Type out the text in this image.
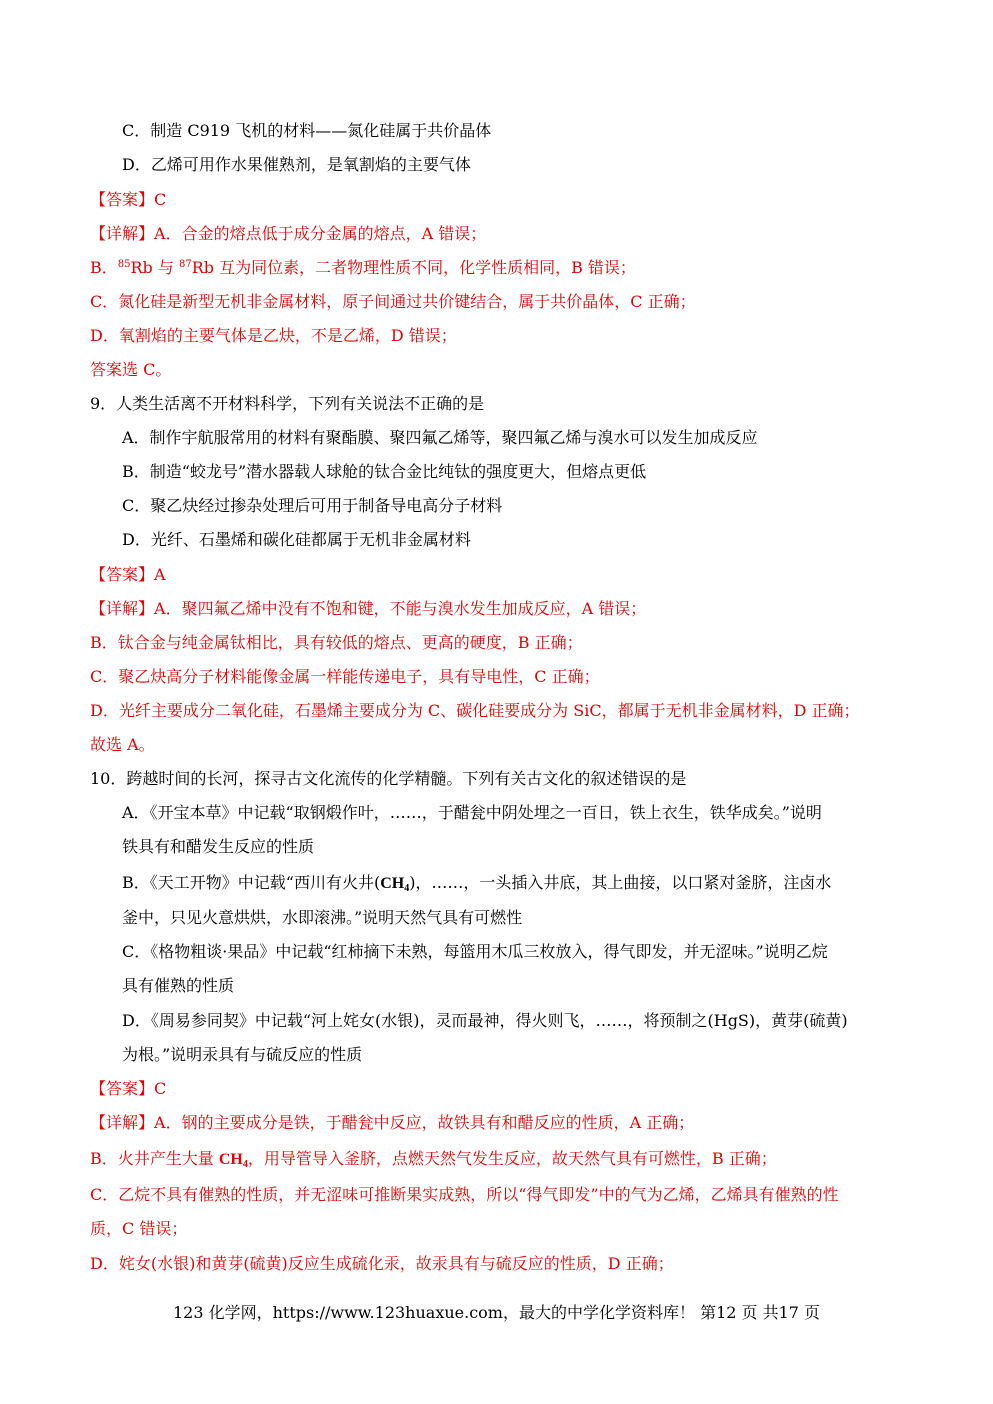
C．制造 C919 飞机的材料——氮化硅属于共价晶体
D．乙烯可用作水果催熟剂，是氧割焰的主要气体
【答案】C
【详解】A．合金的熔点低于成分金属的熔点，A 错误；
B．$^{85}$Rb 与 $^{87}$Rb 互为同位素，二者物理性质不同，化学性质相同，B 错误；
C．氮化硅是新型无机非金属材料，原子间通过共价键结合，属于共价晶体，C 正确；
D．氧割焰的主要气体是乙炔，不是乙烯，D 错误；
答案选 C。
9．人类生活离不开材料科学，下列有关说法不正确的是
A．制作宇航服常用的材料有聚酯膜、聚四氟乙烯等，聚四氟乙烯与溴水可以发生加成反应
B．制造“蛟龙号”潜水器载人球舱的钛合金比纯钛的强度更大，但熔点更低
C．聚乙炔经过掺杂处理后可用于制备导电高分子材料
D．光纤、石墨烯和碳化硅都属于无机非金属材料
【答案】A
【详解】A．聚四氟乙烯中没有不饱和键，不能与溴水发生加成反应，A 错误；
B．钛合金与纯金属钛相比，具有较低的熔点、更高的硬度，B 正确；
C．聚乙炔高分子材料能像金属一样能传递电子，具有导电性，C 正确；
D．光纤主要成分二氧化硅，石墨烯主要成分为 C、碳化硅要成分为 SiC，都属于无机非金属材料，D 正确；
故选 A。
10．跨越时间的长河，探寻古文化流传的化学精髓。下列有关古文化的叙述错误的是
A．《开宝本草》中记载“取钢煅作叶，……，于醋瓮中阴处埋之一百日，铁上衣生，铁华成矣。”说明
铁具有和醋发生反应的性质
B．《天工开物》中记载“西川有火井$(CH_4)$，……，一头插入井底，其上曲接，以口紧对釜脐，注卤水
釜中，只见火意烘烘，水即滚沸。”说明天然气具有可燃性
C．《格物粗谈·果品》中记载“红柿摘下未熟，每篮用木瓜三枚放入，得气即发，并无涩味。”说明乙烷
具有催熟的性质
D．《周易参同契》中记载“河上姹女(水银)，灵而最神，得火则飞，……，将预制之(HgS)，黄芽(硫黄)
为根。”说明汞具有与硫反应的性质
【答案】C
【详解】A．钢的主要成分是铁，于醋瓮中反应，故铁具有和醋反应的性质，A 正确；
B．火井产生大量 $CH_4$，用导管导入釜脐，点燃天然气发生反应，故天然气具有可燃性，B 正确；
C．乙烷不具有催熟的性质，并无涩味可推断果实成熟，所以“得气即发”中的气为乙烯，乙烯具有催熟的性
质，C 错误；
D．姹女(水银)和黄芽(硫黄)反应生成硫化汞，故汞具有与硫反应的性质，D 正确；
123 化学网，https://www.123huaxue.com，最大的中学化学资料库！ 第12 页 共17 页
